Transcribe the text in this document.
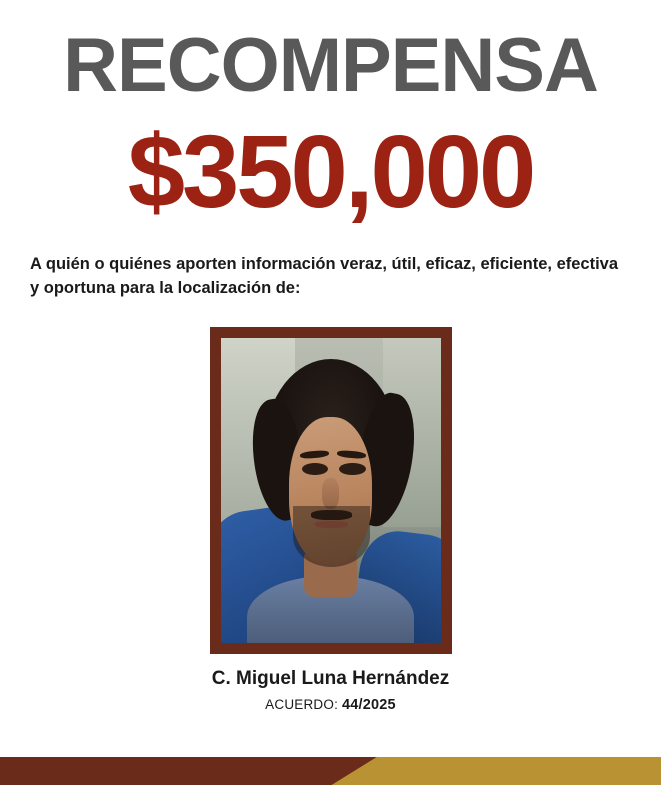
RECOMPENSA
$350,000
A quién o quiénes aporten información veraz, útil, eficaz, eficiente, efectiva y oportuna para la localización de:
C. Miguel Luna Hernández
ACUERDO: 44/2025
